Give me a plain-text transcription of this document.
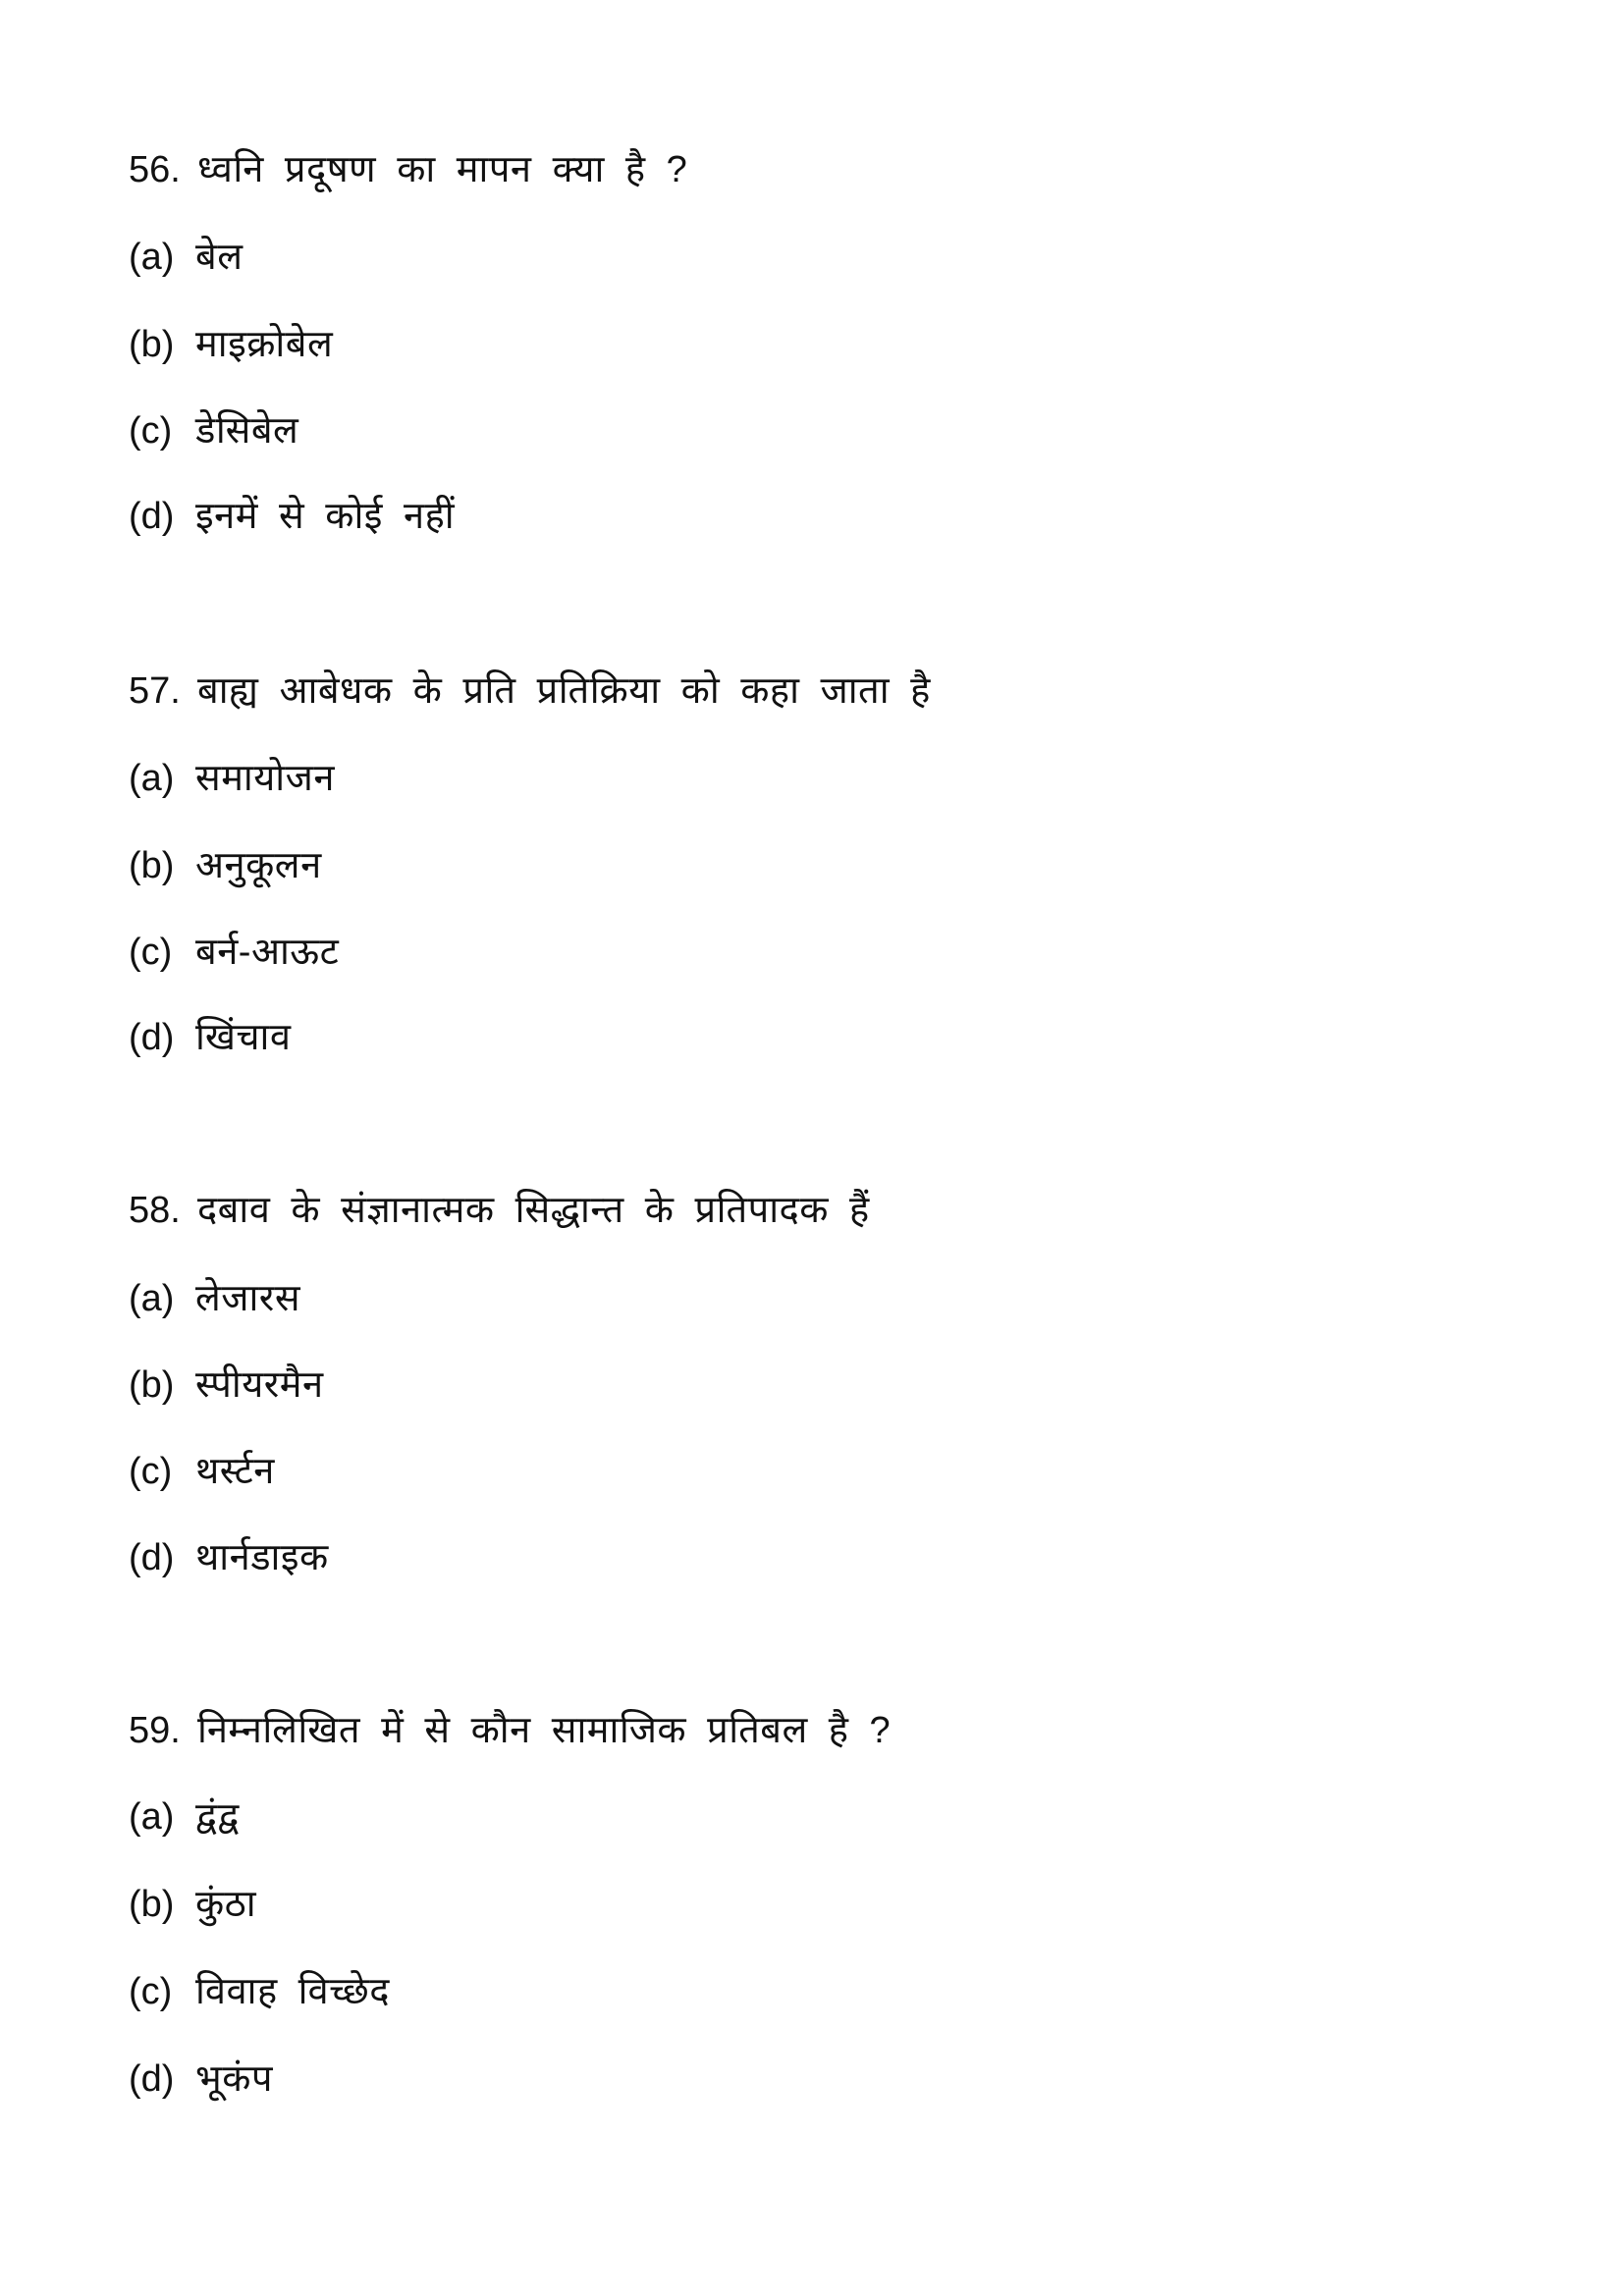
56. ध्वनि प्रदूषण का मापन क्या है ?
(a) बेल
(b) माइक्रोबेल
(c) डेसिबेल
(d) इनमें से कोई नहीं
57. बाह्य आबेधक के प्रति प्रतिक्रिया को कहा जाता है
(a) समायोजन
(b) अनुकूलन
(c) बर्न-आऊट
(d) खिंचाव
58. दबाव के संज्ञानात्मक सिद्धान्त के प्रतिपादक हैं
(a) लेजारस
(b) स्पीयरमैन
(c) थर्स्टन
(d) थार्नडाइक
59. निम्नलिखित में से कौन सामाजिक प्रतिबल है ?
(a) द्वंद्व
(b) कुंठा
(c) विवाह विच्छेद
(d) भूकंप
